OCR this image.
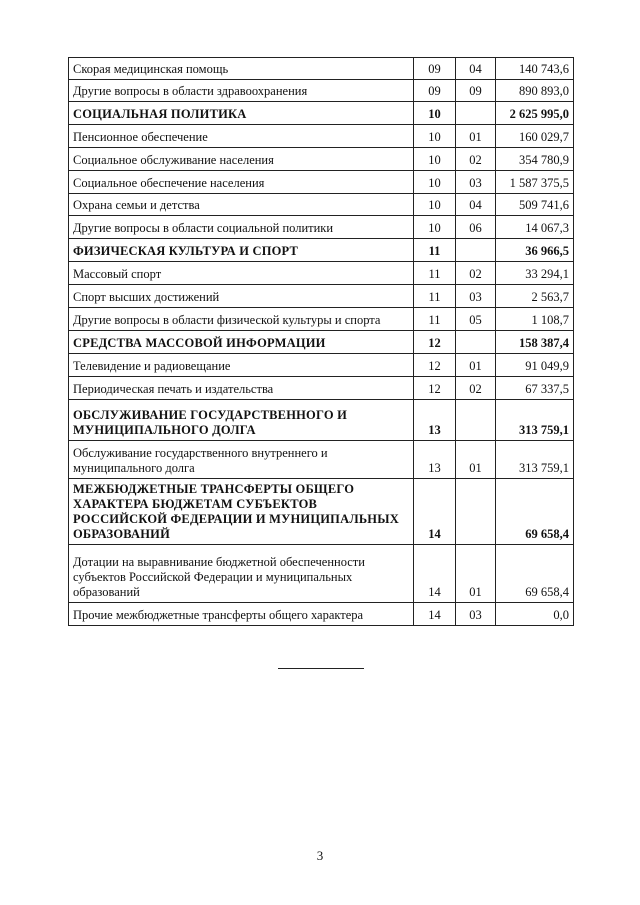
Скорая медицинская помощь	09	04	140 743,6
Другие вопросы в области здравоохранения	09	09	890 893,0
СОЦИАЛЬНАЯ ПОЛИТИКА	10		2 625 995,0
Пенсионное обеспечение	10	01	160 029,7
Социальное обслуживание населения	10	02	354 780,9
Социальное обеспечение населения	10	03	1 587 375,5
Охрана семьи и детства	10	04	509 741,6
Другие вопросы в области социальной политики	10	06	14 067,3
ФИЗИЧЕСКАЯ КУЛЬТУРА И СПОРТ	11		36 966,5
Массовый спорт	11	02	33 294,1
Спорт высших достижений	11	03	2 563,7
Другие вопросы в области физической культуры и спорта	11	05	1 108,7
СРЕДСТВА МАССОВОЙ ИНФОРМАЦИИ	12		158 387,4
Телевидение и радиовещание	12	01	91 049,9
Периодическая печать и издательства	12	02	67 337,5
ОБСЛУЖИВАНИЕ ГОСУДАРСТВЕННОГО И МУНИЦИПАЛЬНОГО ДОЛГА	13		313 759,1
Обслуживание государственного внутреннего и муниципального долга	13	01	313 759,1
МЕЖБЮДЖЕТНЫЕ ТРАНСФЕРТЫ ОБЩЕГО ХАРАКТЕРА БЮДЖЕТАМ СУБЪЕКТОВ РОССИЙСКОЙ ФЕДЕРАЦИИ И МУНИЦИПАЛЬНЫХ ОБРАЗОВАНИЙ	14		69 658,4
Дотации на выравнивание бюджетной обеспеченности субъектов Российской Федерации и муниципальных образований	14	01	69 658,4
Прочие межбюджетные трансферты общего характера	14	03	0,0
3
